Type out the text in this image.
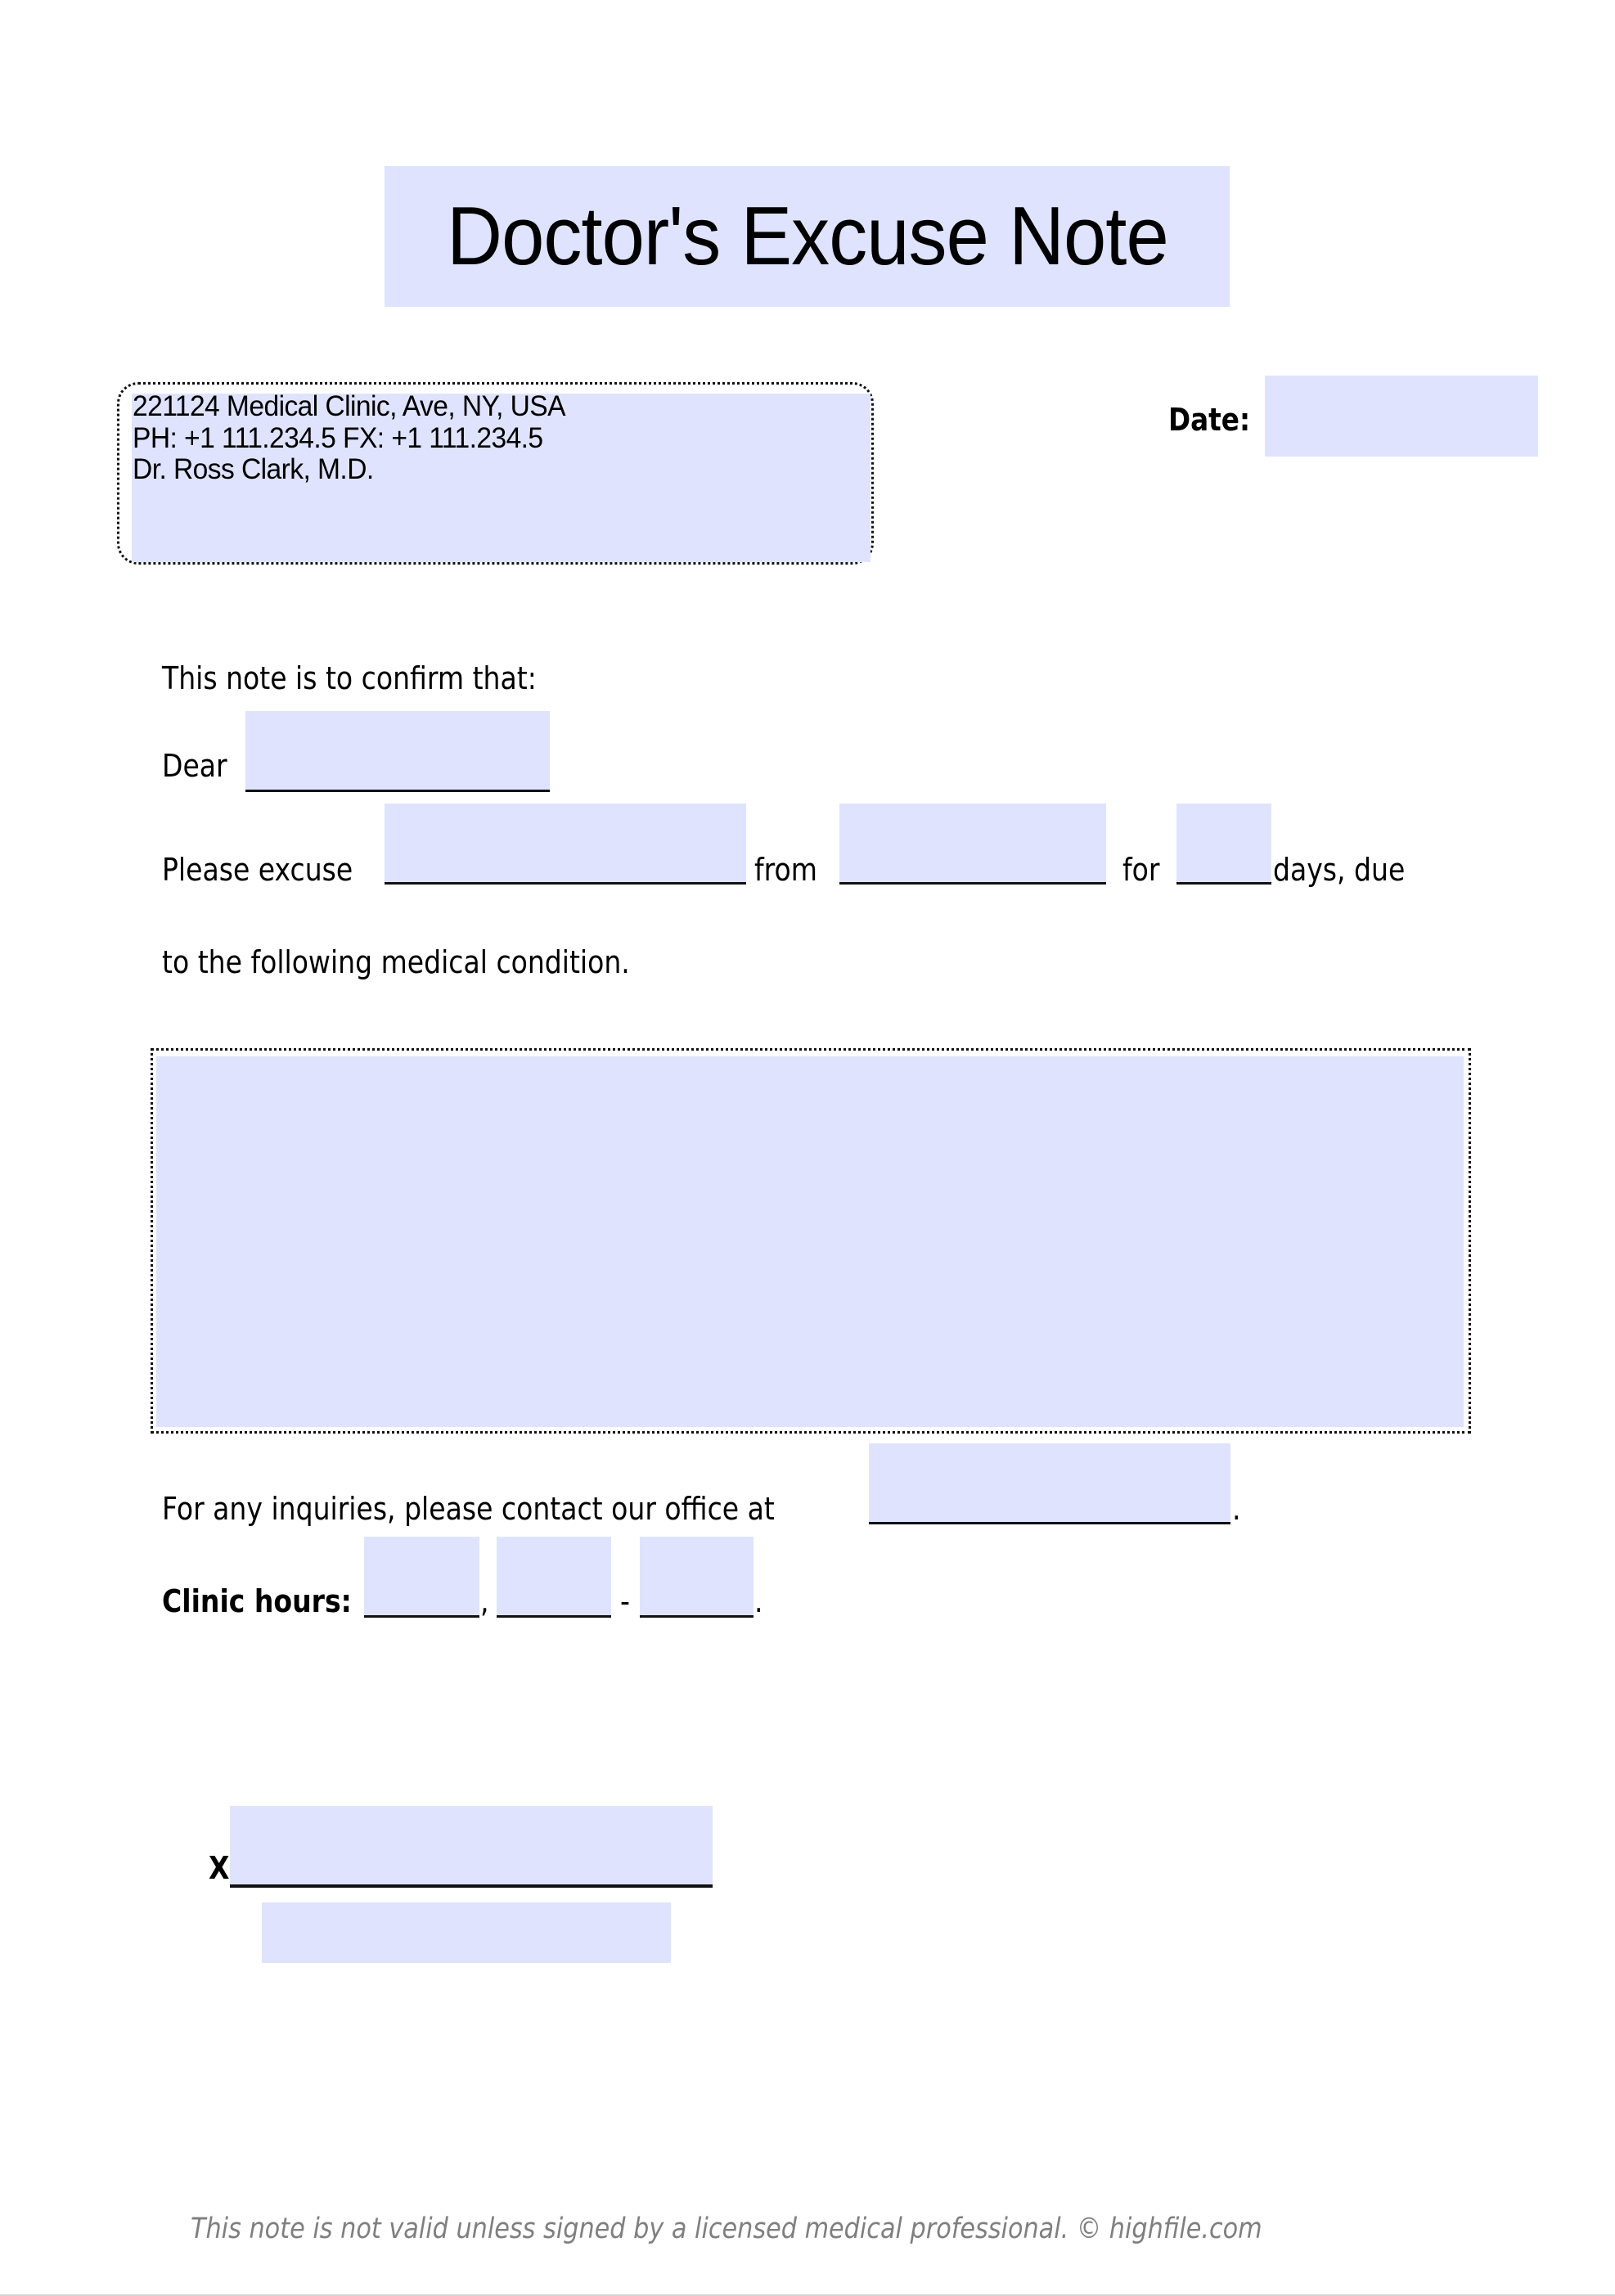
Doctor's Excuse Note
221124 Medical Clinic, Ave, NY, USA
PH: +1 111.234.5 FX: +1 111.234.5
Dr. Ross Clark, M.D.
Date:
This note is to confirm that:
Dear
Please excuse	from	for	days, due
to the following medical condition.
For any inquiries, please contact our office at	.
Clinic hours:	,	-	.
X
This note is not valid unless signed by a licensed medical professional. © highfile.com
